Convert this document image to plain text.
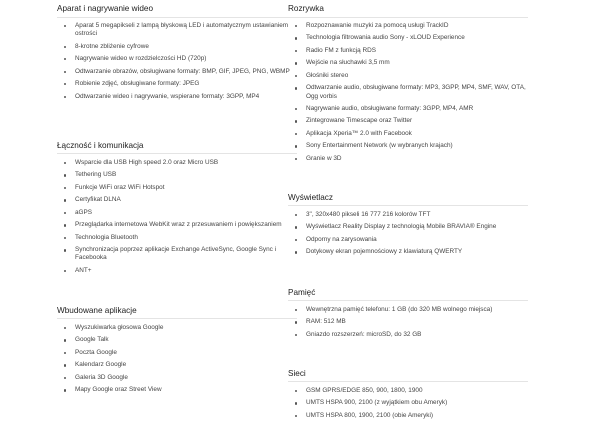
Aparat i nagrywanie wideo
Aparat 5 megapikseli z lampą błyskową LED i automatycznym ustawianiem ostrości
8-krotne zbliżenie cyfrowe
Nagrywanie wideo w rozdzielczości HD (720p)
Odtwarzanie obrazów, obsługiwane formaty: BMP, GIF, JPEG, PNG, WBMP
Robienie zdjęć, obsługiwane formaty: JPEG
Odtwarzanie wideo i nagrywanie, wspierane formaty: 3GPP, MP4
Łączność i komunikacja
Wsparcie dla USB High speed 2.0 oraz Micro USB
Tethering USB
Funkcje WiFi oraz WiFi Hotspot
Certyfikat DLNA
aGPS
Przeglądarka internetowa WebKit wraz z przesuwaniem i powiększaniem
Technologia Bluetooth
Synchronizacja poprzez aplikacje Exchange ActiveSync, Google Sync i Facebooka
ANT+
Wbudowane aplikacje
Wyszukiwarka głosowa Google
Google Talk
Poczta Google
Kalendarz Google
Galeria 3D Google
Mapy Google oraz Street View
Rozrywka
Rozpoznawanie muzyki za pomocą usługi TrackID
Technologia filtrowania audio Sony - xLOUD Experience
Radio FM z funkcją RDS
Wejście na słuchawki 3,5 mm
Głośniki stereo
Odtwarzanie audio, obsługiwane formaty: MP3, 3GPP, MP4, SMF, WAV, OTA, Ogg vorbis
Nagrywanie audio, obsługiwane formaty: 3GPP, MP4, AMR
Zintegrowane Timescape oraz Twitter
Aplikacja Xperia™ 2.0 with Facebook
Sony Entertainment Network (w wybranych krajach)
Granie w 3D
Wyświetlacz
3", 320x480 pikseli 16 777 216 kolorów TFT
Wyświetlacz Reality Display z technologią Mobile BRAVIA® Engine
Odporny na zarysowania
Dotykowy ekran pojemnościowy z klawiaturą QWERTY
Pamięć
Wewnętrzna pamięć telefonu: 1 GB (do 320 MB wolnego miejsca)
RAM: 512 MB
Gniazdo rozszerzeń: microSD, do 32 GB
Sieci
GSM GPRS/EDGE 850, 900, 1800, 1900
UMTS HSPA 900, 2100 (z wyjątkiem obu Ameryk)
UMTS HSPA 800, 1900, 2100 (obie Ameryki)
